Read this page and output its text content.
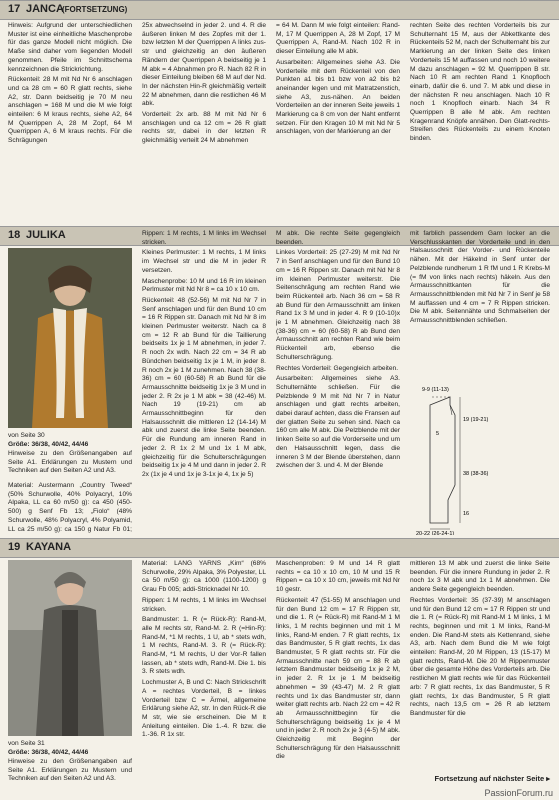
17 JANCA
(FORTSETZUNG)

Hinweis: Aufgrund der unterschiedlichen Muster ist eine einheitliche Maschenprobe für das ganze Modell nicht möglich. Die Maße sind daher vom liegenden Modell genommen. Pfeile im Schnittschema kennzeichnen die Strickrichtung.

Rückenteil: 28 M mit Nd Nr 6 anschlagen und ca 28 cm = 60 R glatt rechts, siehe A2, str. Dann beidseitig je 70 M neu anschlagen = 168 M und die M wie folgt einteilen: 6 M kraus rechts, siehe A2, 64 M Querrippen A, 28 M Zopf, 64 M Querrippen A, 6 M kraus rechts. Für die Schrägungen

25x abwechselnd in jeder 2. und 4. R die äußeren linken M des Zopfes mit der 1. bzw letzten M der Querrippen A links zus-str und gleichzeitig an den äußeren Rändern der Querrippen A beidseitig je 1 M abk = 4 Abnahmen pro R. Nach 82 R in dieser Einteilung bleiben 68 M auf der Nd. In der nächsten Hin-R gleichmäßig verteilt 22 M abnehmen, dann die restlichen 46 M abk.

Vorderteil: 2x arb. 88 M mit Nd Nr 6 anschlagen und ca 12 cm = 26 R glatt rechts str, dabei in der letzten R gleichmäßig verteilt 24 M abnehmen

= 64 M. Dann M wie folgt einteilen: Rand-M, 17 M Querrippen A, 28 M Zopf, 17 M Querrippen A, Rand-M. Nach 102 R in dieser Einteilung alle M abk.

Ausarbeiten: Allgemeines siehe A3. Die Vorderteile mit dem Rückenteil von den Punkten a1 bis b1 bzw von a2 bis b2 aneinander legen und mit Matratzenstich, siehe A3, zus-nähen. An beiden Vorderteilen an der inneren Seite jeweils 1 Markierung ca 8 cm von der Naht entfernt setzen. Für den Kragen 10 M mit Nd Nr 5 anschlagen, von der Markierung an der

rechten Seite des rechten Vorderteils bis zur Schulternaht 15 M, aus der Abkettkante des Rückenteils 52 M, nach der Schulternaht bis zur Markierung an der linken Seite des linken Vorderteils 15 M auffassen und noch 10 weitere M dazu anschlagen = 92 M. Querrippen B str. Nach 10 R am rechten Rand 1 Knopfloch einarb, dafür die 6. und 7. M abk und diese in der nächsten R neu anschlagen. Nach 10 R noch 1 Knopfloch einarb. Nach 34 R Querrippen B alle M abk. Am rechten Kragenrand Knöpfe annähen. Den Glatt-rechts-Streifen des Rückenteils zu einem Knoten binden.
18 JULIKA
von Seite 30
Größe: 36/38, 40/42, 44/46
Hinweise zu den Größenangaben auf Seite A1. Erklärungen zu Mustern und Techniken auf den Seiten A2 und A3.
Material: Austermann „Country Tweed“ (50% Schurwolle, 40% Polyacryl, 10% Alpaka, LL ca 60 m/50 g): ca 450 (450-500) g Senf Fb 13; „Fiolo“ (48% Schurwolle, 48% Polyacryl, 4% Polyamid, LL ca 25 m/50 g): ca 150 g Natur Fb 01;

Rippen: 1 M rechts, 1 M links im Wechsel stricken.

Kleines Perlmuster: 1 M rechts, 1 M links im Wechsel str und die M in jeder R versetzen.

Maschenprobe: 10 M und 16 R im kleinen Perlmuster mit Nd Nr 8 = ca 10 x 10 cm.

Rückenteil: 48 (52-56) M mit Nd Nr 7 in Senf anschlagen und für den Bund 10 cm = 16 R Rippen str. Danach mit Nd Nr 8 im kleinen Perlmuster weiterstr. Nach ca 8 cm = 12 R ab Bund für die Taillierung beidseits 1x je 1 M abnehmen, in jeder 7. R noch 2x wdh. Nach 22 cm = 34 R ab Bündchen beidseitig 1x je 1 M, in jeder 8. R noch 2x je 1 M zunehmen. Nach 38 (38-36) cm = 60 (60-58) R ab Bund für die Armausschnitte beidseitig 1x je 3 M und in jeder 2. R 2x je 1 M abk = 38 (42-46) M. Nach 19 (19-21) cm ab Armausschnittbeginn für den Halsausschnitt die mittleren 12 (14-14) M abk und zuerst die linke Seite beenden. Für die Rundung am inneren Rand in jeder 2. R 1x 2 M und 1x 1 M abk, gleichzeitig für die Schulterschrägungen beidseitig 1x je 4 M und dann in jeder 2. R 2x (1x je 4 und 1x je 3-1x je 4, 1x je 5)

M abk. Die rechte Seite gegengleich beenden.

Linkes Vorderteil: 25 (27-29) M mit Nd Nr 7 in Senf anschlagen und für den Bund 10 cm = 16 R Rippen str. Danach mit Nd Nr 8 im kleinen Perlmuster weiterstr. Die Seitenschrägung am rechten Rand wie beim Rückenteil arb. Nach 36 cm = 58 R ab Bund für den Armausschnitt am linken Rand 1x 3 M und in jeder 4. R 9 (10-10)x je 1 M abnehmen. Gleichzeitig nach 38 (38-36) cm = 60 (60-58) R ab Bund den Armausschnitt am rechten Rand wie beim Rückenteil arb, ebenso die Schulterschrägung.

Rechtes Vorderteil: Gegengleich arbeiten.

Ausarbeiten: Allgemeines siehe A3. Schulternähte schließen. Für die Pelzblende 9 M mit Nd Nr 7 in Natur anschlagen und glatt rechts arbeiten, dabei darauf achten, dass die Fransen auf der glatten Seite zu sehen sind. Nach ca 160 cm alle M abk. Die Pelzblende mit der linken Seite so auf die Vorderseite und um den Halsausschnitt legen, dass die inneren 3 M der Blende überstehen, dann zwischen der 3. und 4. M der Blende

mit farblich passendem Garn locker an die Verschlusskanten der Vorderteile und in den Halsausschnitt der Vorder- und Rückenteile nähen. Mit der Häkelnd in Senf unter der Pelzblende rundherum 1 R fM und 1 R Krebs-M (= fM von links nach rechts) häkeln. Aus den Armausschnittkanten für die Armausschnittblenden mit Nd Nr 7 in Senf je 58 M auffassen und 4 cm = 7 R Rippen stricken. Die M abk. Seitennähte und Schmalseiten der Armausschnittblenden schließen.
9-9 (11-13)
19 (19-21)
38 (38-36)
16
5
20-22 (26-24-1)
19 KAYANA
von Seite 31
Größe: 36/38, 40/42, 44/46
Hinweise zu den Größenangaben auf Seite A1. Erklärungen zu Mustern und Techniken auf den Seiten A2 und A3.

Material: LANG YARNS „Kim“ (68% Schurwolle, 29% Alpaka, 3% Polyester, LL ca 50 m/50 g): ca 1000 (1100-1200) g Grau Fb 005; addi-Stricknadel Nr 10.

Rippen: 1 M rechts, 1 M links im Wechsel stricken.

Bandmuster: 1. R (= Rück-R): Rand-M, alle M rechts str, Rand-M. 2. R (=Hin-R): Rand-M, *1 M rechts, 1 U, ab * stets wdh, 1 M rechts, Rand-M. 3. R (= Rück-R): Rand-M, *1 M rechts, U der Vor-R fallen lassen, ab * stets wdh, Rand-M. Die 1. bis 3. R stets wdh.

Lochmuster A, B und C: Nach Strickschrift A = rechtes Vorderteil, B = linkes Vorderteil bzw C = Ärmel, allgemeine Erklärung siehe A2, str. In den Rück-R die M str, wie sie erscheinen. Die M It Anleitung einteilen. Die 1.-4. R bzw. die 1.-36. R 1x str.

Maschenproben: 9 M und 14 R glatt rechts = ca 10 x 10 cm, 10 M und 15 R Rippen = ca 10 x 10 cm, jeweils mit Nd Nr 10 gestr.

Rückenteil: 47 (51-55) M anschlagen und für den Bund 12 cm = 17 R Rippen str, und die 1. R (= Rück-R) mit Rand-M 1 M links, 1 M rechts beginnen und mit 1 M links, Rand-M enden. 7 R glatt rechts, 1x das Bandmuster, 5 R glatt rechts, 1x das Bandmuster, 5 R glatt rechts str. Für die Armausschnitte nach 59 cm = 88 R ab letztem Bandmuster beidseitig 1x je 2 M, in jeder 2. R 1x je 1 M beidseitig abnehmen = 39 (43-47) M. 2 R glatt rechts und 1x das Bandmuster str, dann weiter glatt rechts arb. Nach 22 cm = 42 R ab Armausschnittbeginn für die Schulterschrägung beidseitig 1x je 4 M und in jeder 2. R noch 2x je 3 (4-5) M abk. Gleichzeitig mit Beginn der Schulterschrägung für den Halsausschnitt die

mittleren 13 M abk und zuerst die linke Seite beenden. Für die innere Rundung in jeder 2. R noch 1x 3 M abk und 1x 1 M abnehmen. Die andere Seite gegengleich beenden.

Rechtes Vorderteil: 35 (37-39) M anschlagen und für den Bund 12 cm = 17 R Rippen str und die 1. R (= Rück-R) mit Rand-M 1 M links, 1 M rechts, beginnen und mit 1 M links, Rand-M enden. Die Rand-M stets als Kettenrand, siehe A3, arb. Nach dem Bund die M wie folgt einteilen: Rand-M, 20 M Rippen, 13 (15-17) M glatt rechts, Rand-M. Die 20 M Rippenmuster über die gesamte Höhe des Vorderteils arb. Die restlichen M glatt rechts wie für das Rückenteil arb: 7 R glatt rechts, 1x das Bandmuster, 5 R glatt rechts, 1x das Bandmuster, 5 R glatt rechts, nach 13,5 cm = 26 R ab letztem Bandmuster für die

Fortsetzung auf nächster Seite ▸
PassionForum.ru
